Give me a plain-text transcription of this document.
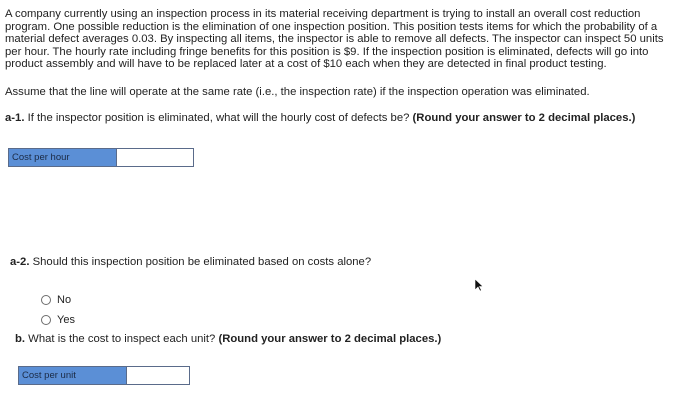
A company currently using an inspection process in its material receiving department is trying to install an overall cost reduction

program. One possible reduction is the elimination of one inspection position. This position tests items for which the probability of a

material defect averages 0.03. By inspecting all items, the inspector is able to remove all defects. The inspector can inspect 50 units

per hour. The hourly rate including fringe benefits for this position is $9. If the inspection position is eliminated, defects will go into

product assembly and will have to be replaced later at a cost of $10 each when they are detected in final product testing.

Assume that the line will operate at the same rate (i.e., the inspection rate) if the inspection operation was eliminated.
a-1. If the inspector position is eliminated, what will the hourly cost of defects be? (Round your answer to 2 decimal places.)
Cost per hour
a-2. Should this inspection position be eliminated based on costs alone?
No
Yes
b. What is the cost to inspect each unit? (Round your answer to 2 decimal places.)
Cost per unit
